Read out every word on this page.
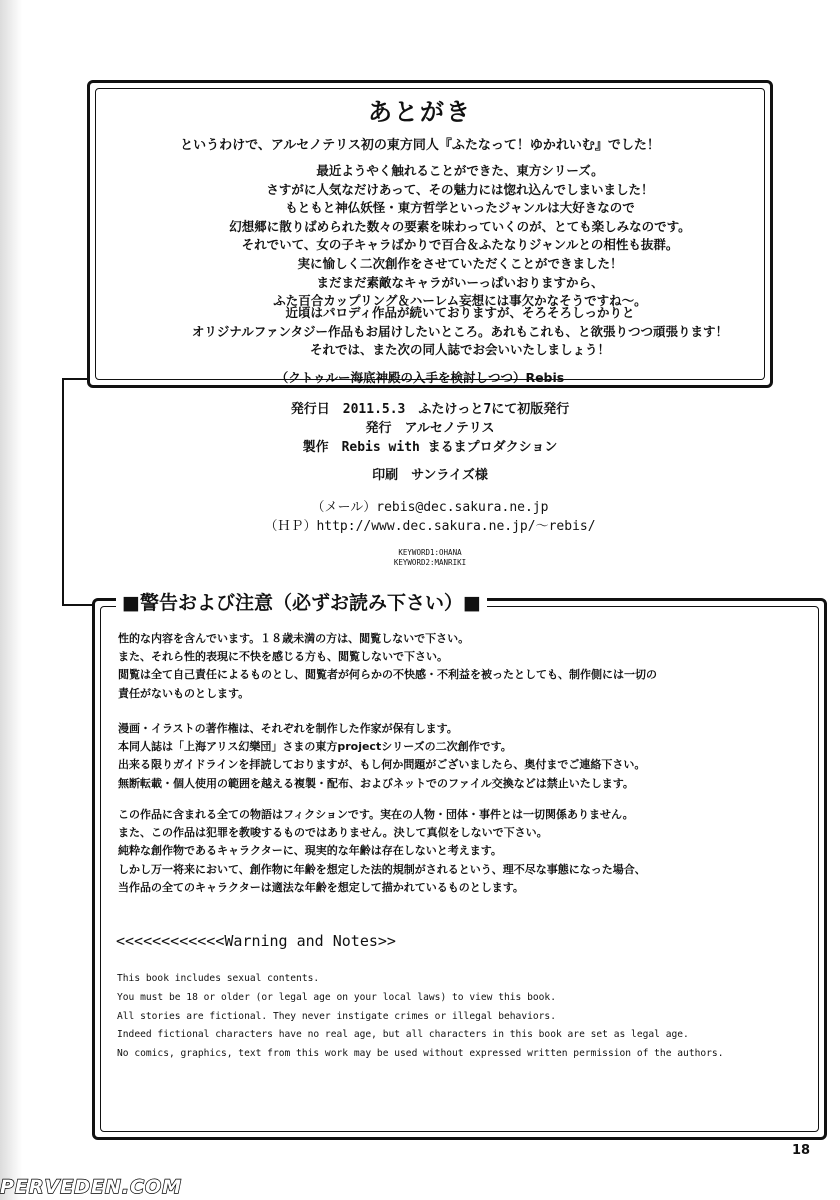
あとがき
というわけで、アルセノテリス初の東方同人『ふたなって！ゆかれいむ』でした！
最近ようやく触れることができた、東方シリーズ。
さすがに人気なだけあって、その魅力には惚れ込んでしまいました！
もともと神仏妖怪・東方哲学といったジャンルは大好きなので
幻想郷に散りばめられた数々の要素を味わっていくのが、とても楽しみなのです。
それでいて、女の子キャラばかりで百合＆ふたなりジャンルとの相性も抜群。
実に愉しく二次創作をさせていただくことができました！
まだまだ素敵なキャラがいーっぱいおりますから、
ふた百合カップリング＆ハーレム妄想には事欠かなそうですね～。
近頃はパロディ作品が続いておりますが、そろそろしっかりと
オリジナルファンタジー作品もお届けしたいところ。あれもこれも、と欲張りつつ頑張ります！
それでは、また次の同人誌でお会いいたしましょう！
（クトゥルー海底神殿の入手を検討しつつ）Rebis
発行日　2011.5.3　ふたけっと7にて初版発行
発行　アルセノテリス
製作　Rebis with まるまプロダクション
印刷　サンライズ様
（メール）rebis@dec.sakura.ne.jp
（ＨＰ）http://www.dec.sakura.ne.jp/～rebis/
KEYWORD1:OHANA
KEYWORD2:MANRIKI
■警告および注意（必ずお読み下さい）■
性的な内容を含んでいます。１８歳未満の方は、閲覧しないで下さい。
また、それら性的表現に不快を感じる方も、閲覧しないで下さい。
閲覧は全て自己責任によるものとし、閲覧者が何らかの不快感・不利益を被ったとしても、制作側には一切の
責任がないものとします。
漫画・イラストの著作権は、それぞれを制作した作家が保有します。
本同人誌は「上海アリス幻樂団」さまの東方projectシリーズの二次創作です。
出来る限りガイドラインを拝読しておりますが、もし何か問題がございましたら、奥付までご連絡下さい。
無断転載・個人使用の範囲を越える複製・配布、およびネットでのファイル交換などは禁止いたします。
この作品に含まれる全ての物語はフィクションです。実在の人物・団体・事件とは一切関係ありません。
また、この作品は犯罪を教唆するものではありません。決して真似をしないで下さい。
純粋な創作物であるキャラクターに、現実的な年齢は存在しないと考えます。
しかし万一将来において、創作物に年齢を想定した法的規制がされるという、理不尽な事態になった場合、
当作品の全てのキャラクターは適法な年齢を想定して描かれているものとします。
<<<<<<<<<<<<Warning and Notes>>
This book includes sexual contents.
You must be 18 or older (or legal age on your local laws) to view this book.
All stories are fictional. They never instigate crimes or illegal behaviors.
Indeed fictional characters have no real age, but all characters in this book are set as legal age.
No comics, graphics, text from this work may be used without expressed written permission of the authors.
18
PERVEDEN.COM
